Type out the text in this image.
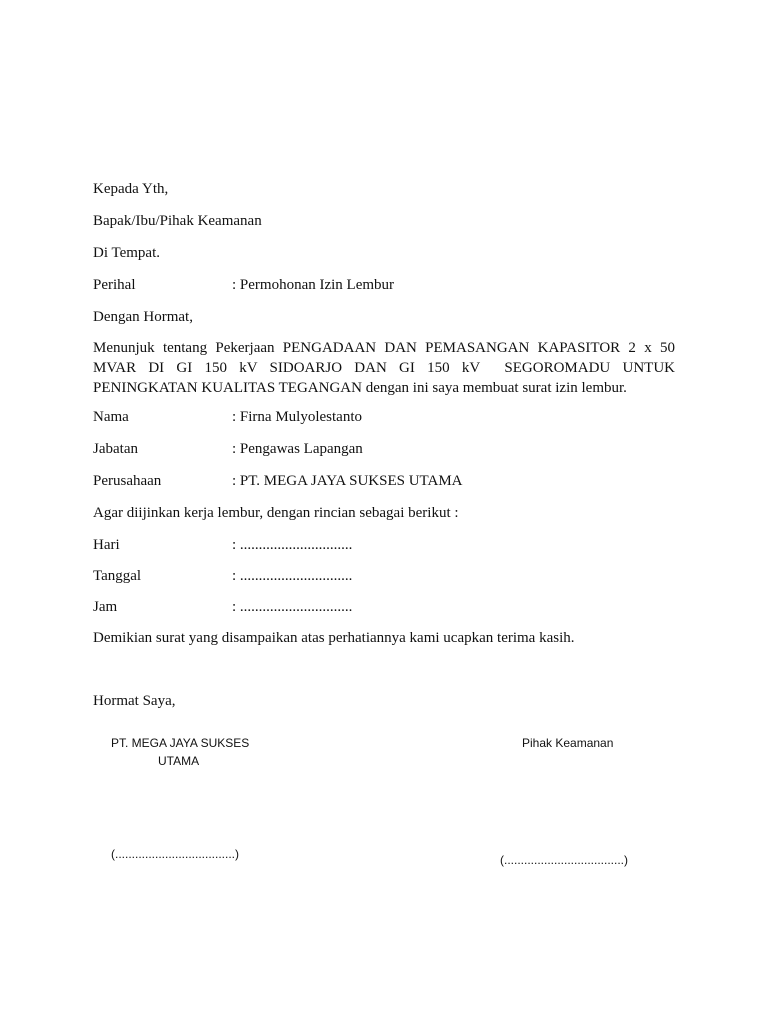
Kepada Yth,
Bapak/Ibu/Pihak Keamanan
Di Tempat.
Perihal	: Permohonan Izin Lembur
Dengan Hormat,
Menunjuk tentang Pekerjaan PENGADAAN DAN PEMASANGAN KAPASITOR 2 x 50
MVAR DI GI 150 kV SIDOARJO DAN GI 150 kV  SEGOROMADU UNTUK
PENINGKATAN KUALITAS TEGANGAN dengan ini saya membuat surat izin lembur.
Nama	: Firna Mulyolestanto
Jabatan	: Pengawas Lapangan
Perusahaan	: PT. MEGA JAYA SUKSES UTAMA
Agar diijinkan kerja lembur, dengan rincian sebagai berikut :
Hari	: ..............................
Tanggal	: ..............................
Jam	: ..............................
Demikian surat yang disampaikan atas perhatiannya kami ucapkan terima kasih.
Hormat Saya,
PT. MEGA JAYA SUKSES
UTAMA
Pihak Keamanan
(....................................)	(....................................)
